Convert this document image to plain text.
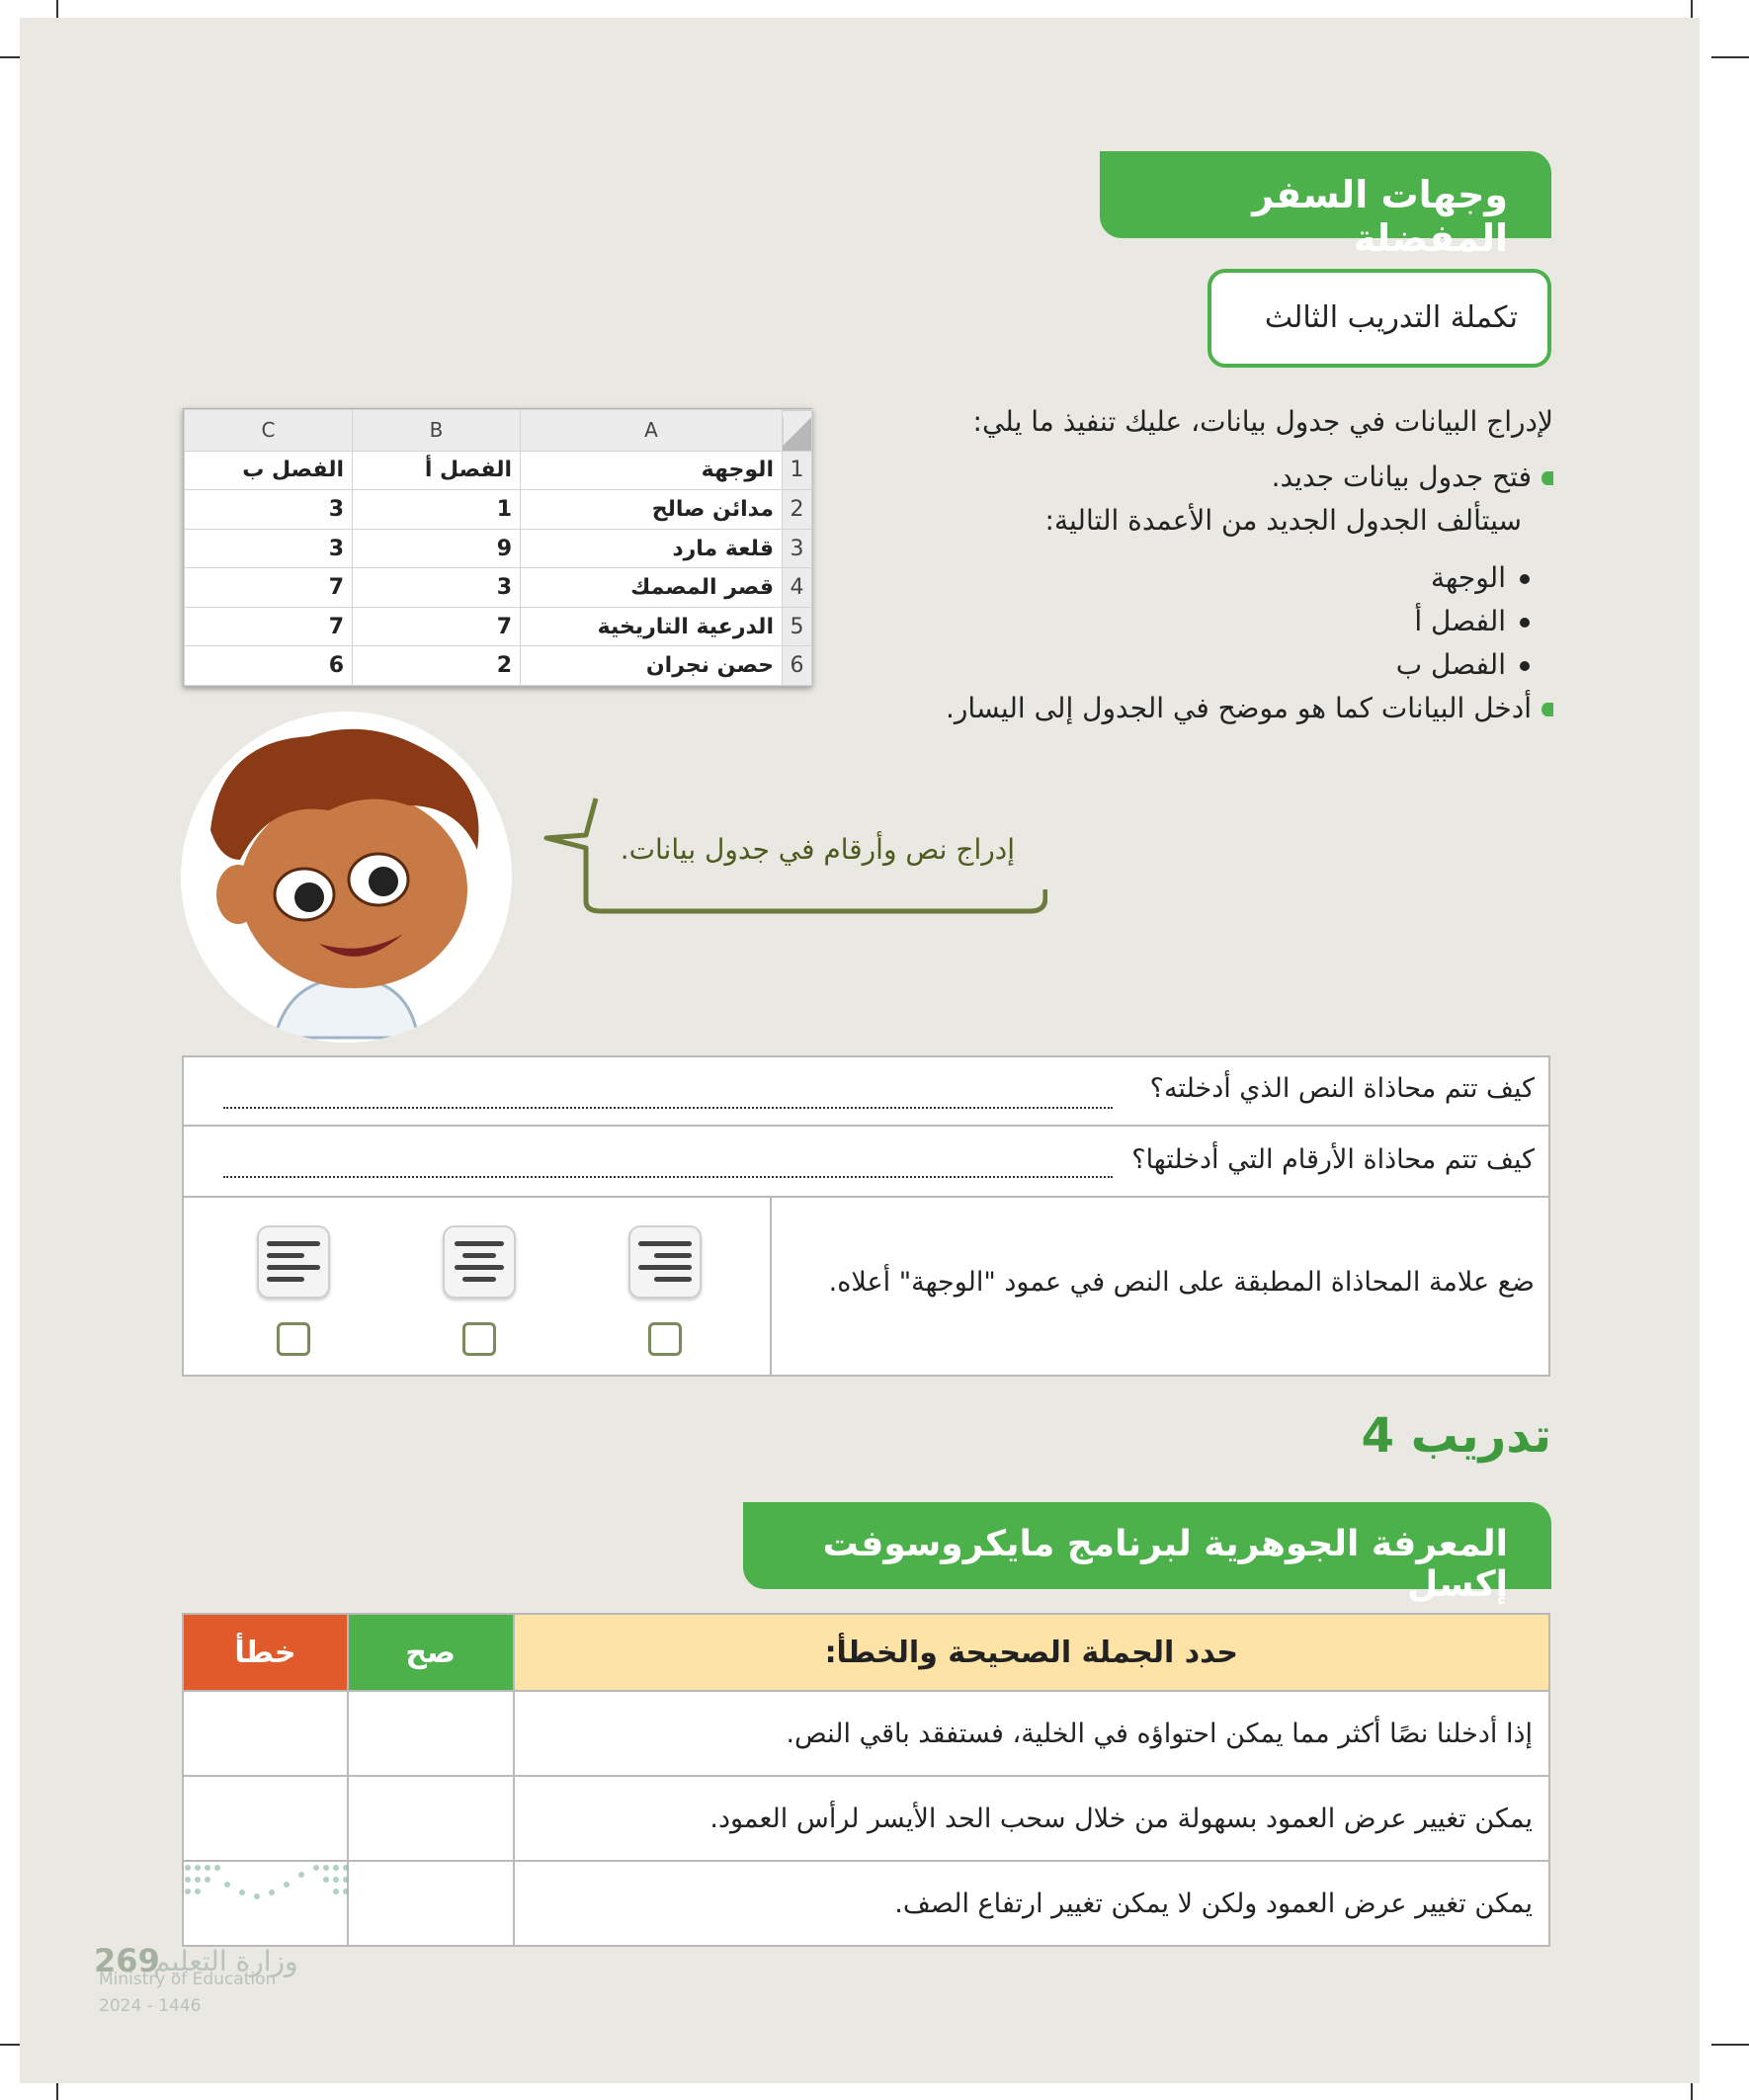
وجهات السفر المفضلة
تكملة التدريب الثالث
لإدراج البيانات في جدول بيانات، عليك تنفيذ ما يلي:
فتح جدول بيانات جديد.
سيتألف الجدول الجديد من الأعمدة التالية:
الوجهة
الفصل أ
الفصل ب
أدخل البيانات كما هو موضح في الجدول إلى اليسار.
C	B	A	
الفصل ب	الفصل أ	الوجهة	1
3	1	مدائن صالح	2
3	9	قلعة مارد	3
7	3	قصر المصمك	4
7	7	الدرعية التاريخية	5
6	2	حصن نجران	6
إدراج نص وأرقام في جدول بيانات.
كيف تتم محاذاة النص الذي أدخلته؟
كيف تتم محاذاة الأرقام التي أدخلتها؟
ضع علامة المحاذاة المطبقة على النص في عمود "الوجهة" أعلاه.
تدريب 4
المعرفة الجوهرية لبرنامج مايكروسوفت إكسل
حدد الجملة الصحيحة والخطأ:	صح	خطأ
إذا أدخلنا نصًا أكثر مما يمكن احتواؤه في الخلية، فستفقد باقي النص.		
يمكن تغيير عرض العمود بسهولة من خلال سحب الحد الأيسر لرأس العمود.		
يمكن تغيير عرض العمود ولكن لا يمكن تغيير ارتفاع الصف.		
269
وزارة التعليم
Ministry of Education
2024 - 1446
